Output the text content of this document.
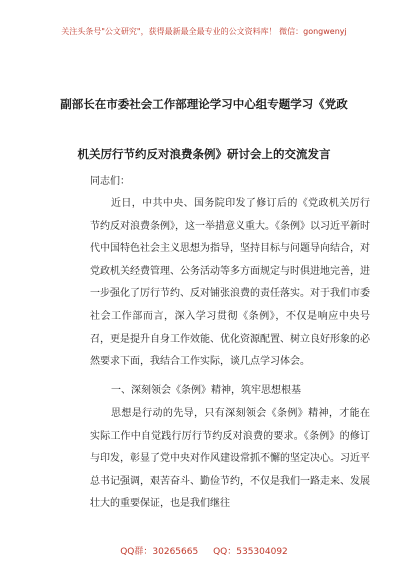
关注头条号"公文研究"，获得最新最全最专业的公文资料库！ 微信：gongwenyj
副部长在市委社会工作部理论学习中心组专题学习《党政
机关厉行节约反对浪费条例》研讨会上的交流发言
同志们：
近日，中共中央、国务院印发了修订后的《党政机关厉行节约反对浪费条例》，这一举措意义重大。《条例》以习近平新时代中国特色社会主义思想为指导，坚持目标与问题导向结合，对党政机关经费管理、公务活动等多方面规定与时俱进地完善，进一步强化了厉行节约、反对铺张浪费的责任落实。对于我们市委社会工作部而言，深入学习贯彻《条例》，不仅是响应中央号召，更是提升自身工作效能、优化资源配置、树立良好形象的必然要求下面，我结合工作实际，谈几点学习体会。
一、深刻领会《条例》精神，筑牢思想根基
思想是行动的先导，只有深刻领会《条例》精神，才能在实际工作中自觉践行厉行节约反对浪费的要求。《条例》的修订与印发，彰显了党中央对作风建设常抓不懈的坚定决心。习近平总书记强调，艰苦奋斗、勤俭节约，不仅是我们一路走来、发展壮大的重要保证，也是我们继往
QQ群：30265665 QQ：535304092
